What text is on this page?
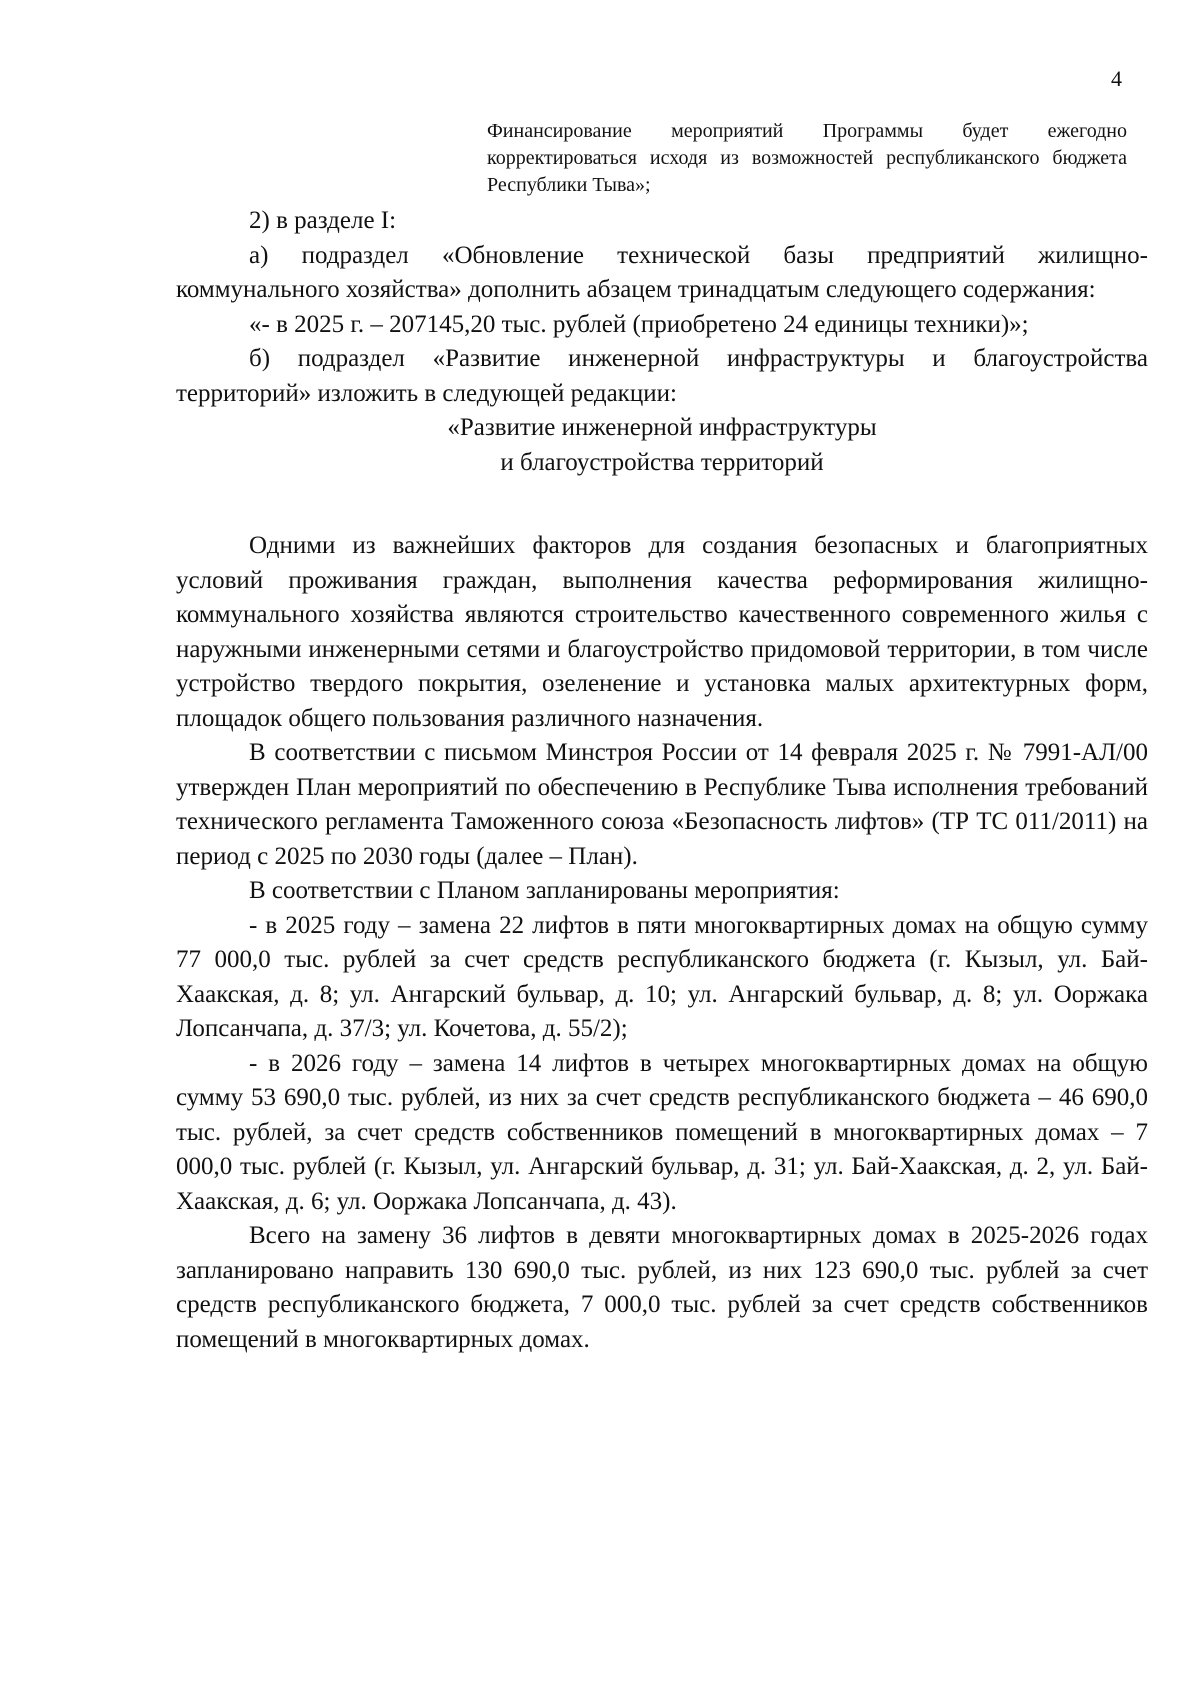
4
Финансирование мероприятий Программы будет ежегодно корректироваться исходя из возможностей республиканского бюджета Республики Тыва»;

2) в разделе I:

а) подраздел «Обновление технической базы предприятий жилищно-коммунального хозяйства» дополнить абзацем тринадцатым следующего содержания:

«- в 2025 г. – 207145,20 тыс. рублей (приобретено 24 единицы техники)»;

б) подраздел «Развитие инженерной инфраструктуры и благоустройства территорий» изложить в следующей редакции:

«Развитие инженерной инфраструктуры

и благоустройства территорий

Одними из важнейших факторов для создания безопасных и благоприятных условий проживания граждан, выполнения качества реформирования жилищно-коммунального хозяйства являются строительство качественного современного жилья с наружными инженерными сетями и благоустройство придомовой территории, в том числе устройство твердого покрытия, озеленение и установка малых архитектурных форм, площадок общего пользования различного назначения.

В соответствии с письмом Минстроя России от 14 февраля 2025 г. № 7991-АЛ/00 утвержден План мероприятий по обеспечению в Республике Тыва исполнения требований технического регламента Таможенного союза «Безопасность лифтов» (ТР ТС 011/2011) на период с 2025 по 2030 годы (далее – План).

В соответствии с Планом запланированы мероприятия:

- в 2025 году – замена 22 лифтов в пяти многоквартирных домах на общую сумму 77 000,0 тыс. рублей за счет средств республиканского бюджета (г. Кызыл, ул. Бай-Хаакская, д. 8; ул. Ангарский бульвар, д. 10; ул. Ангарский бульвар, д. 8; ул. Ооржака Лопсанчапа, д. 37/3; ул. Кочетова, д. 55/2);

- в 2026 году – замена 14 лифтов в четырех многоквартирных домах на общую сумму 53 690,0 тыс. рублей, из них за счет средств республиканского бюджета – 46 690,0 тыс. рублей, за счет средств собственников помещений в многоквартирных домах – 7 000,0 тыс. рублей (г. Кызыл, ул. Ангарский бульвар, д. 31; ул. Бай-Хаакская, д. 2, ул. Бай-Хаакская, д. 6; ул. Ооржака Лопсанчапа, д. 43).

Всего на замену 36 лифтов в девяти многоквартирных домах в 2025-2026 годах запланировано направить 130 690,0 тыс. рублей, из них 123 690,0 тыс. рублей за счет средств республиканского бюджета, 7 000,0 тыс. рублей за счет средств собственников помещений в многоквартирных домах.
